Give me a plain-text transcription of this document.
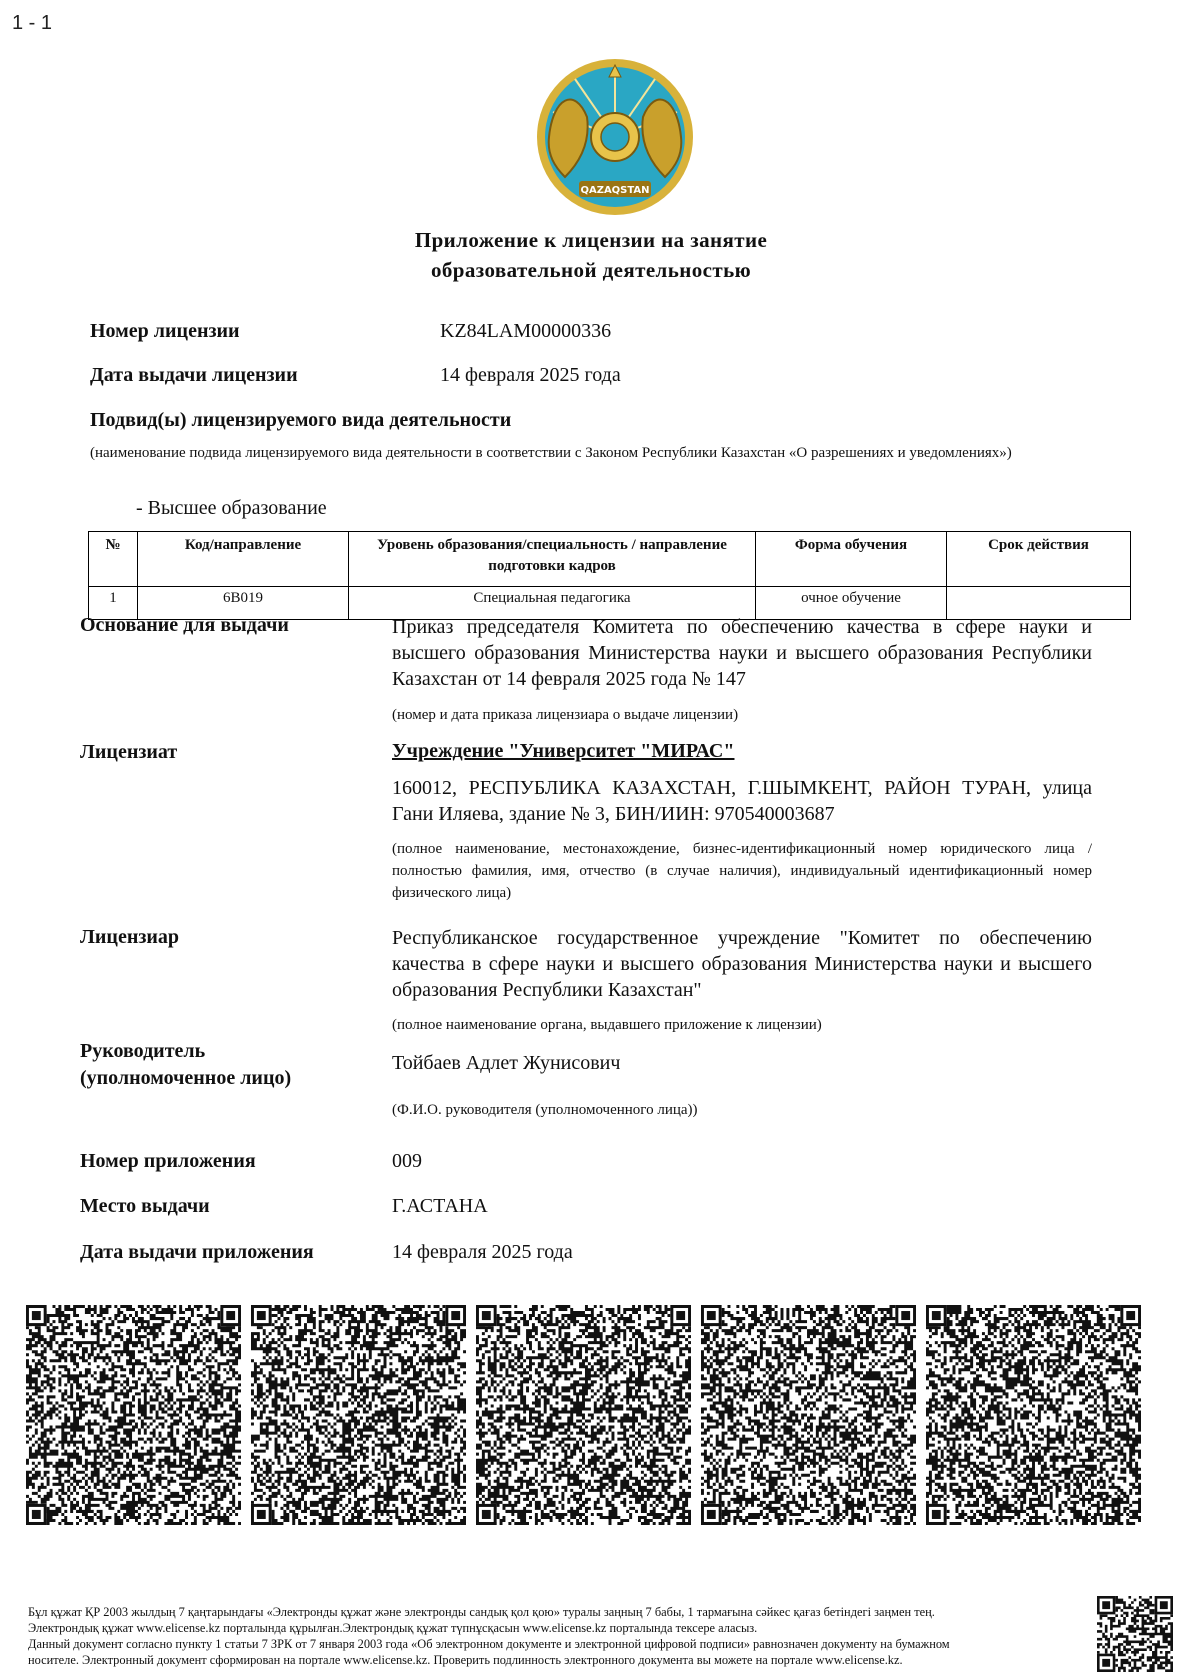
1 - 1
QAZAQSTAN
Приложение к лицензии на занятие
образовательной деятельностью
Номер лицензии	KZ84LAM00000336
Дата выдачи лицензии	14 февраля 2025 года
Подвид(ы) лицензируемого вида деятельности
(наименование подвида лицензируемого вида деятельности в соответствии с Законом Республики Казахстан «О разрешениях и уведомлениях»)
- Высшее образование
№	Код/направление	Уровень образования/специальность / направление подготовки кадров	Форма обучения	Срок действия
1	6B019	Специальная педагогика	очное обучение	
Основание для выдачи	Приказ председателя Комитета по обеспечению качества в сфере науки и высшего образования Министерства науки и высшего образования Республики Казахстан от 14 февраля 2025 года № 147
(номер и дата приказа лицензиара о выдаче лицензии)
Лицензиат	Учреждение "Университет "МИРАС"
160012, РЕСПУБЛИКА КАЗАХСТАН, Г.ШЫМКЕНТ, РАЙОН ТУРАН, улица Гани Иляева, здание № 3, БИН/ИИН: 970540003687
(полное наименование, местонахождение, бизнес-идентификационный номер юридического лица / полностью фамилия, имя, отчество (в случае наличия), индивидуальный идентификационный номер физического лица)
Лицензиар	Республиканское государственное учреждение "Комитет по обеспечению качества в сфере науки и высшего образования Министерства науки и высшего образования Республики Казахстан"
(полное наименование органа, выдавшего приложение к лицензии)
Руководитель
(уполномоченное лицо)
Тойбаев Адлет Жунисович
(Ф.И.О. руководителя (уполномоченного лица))
Номер приложения	009
Место выдачи	Г.АСТАНА
Дата выдачи приложения	14 февраля 2025 года
Бұл құжат ҚР 2003 жылдың 7 қаңтарындағы «Электронды құжат және электронды сандық қол қою» туралы заңның 7 бабы, 1 тармағына сәйкес қағаз бетіндегі заңмен тең.
Электрондық құжат www.elicense.kz порталында құрылған.Электрондық құжат түпнұсқасын www.elicense.kz порталында тексере аласыз.
Данный документ согласно пункту 1 статьи 7 ЗРК от 7 января 2003 года «Об электронном документе и электронной цифровой подписи» равнозначен документу на бумажном
носителе. Электронный документ сформирован на портале www.elicense.kz. Проверить подлинность электронного документа вы можете на портале www.elicense.kz.
